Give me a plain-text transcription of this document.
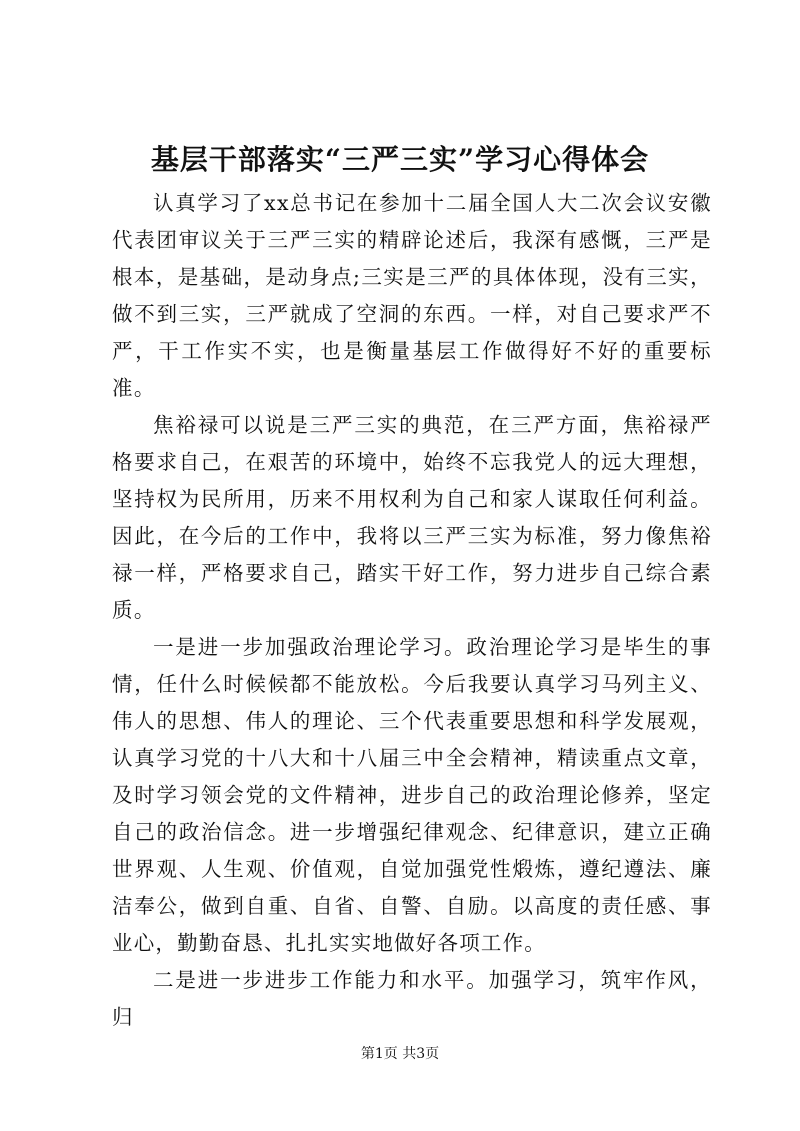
基层干部落实“三严三实”学习心得体会

认真学习了xx总书记在参加十二届全国人大二次会议安徽代表团审议关于三严三实的精辟论述后，我深有感慨，三严是根本，是基础，是动身点;三实是三严的具体体现，没有三实，做不到三实，三严就成了空洞的东西。一样，对自己要求严不严，干工作实不实，也是衡量基层工作做得好不好的重要标准。

焦裕禄可以说是三严三实的典范，在三严方面，焦裕禄严格要求自己，在艰苦的环境中，始终不忘我党人的远大理想，坚持权为民所用，历来不用权利为自己和家人谋取任何利益。因此，在今后的工作中，我将以三严三实为标准，努力像焦裕禄一样，严格要求自己，踏实干好工作，努力进步自己综合素质。

一是进一步加强政治理论学习。政治理论学习是毕生的事情，任什么时候候都不能放松。今后我要认真学习马列主义、伟人的思想、伟人的理论、三个代表重要思想和科学发展观，认真学习党的十八大和十八届三中全会精神，精读重点文章，及时学习领会党的文件精神，进步自己的政治理论修养，坚定自己的政治信念。进一步增强纪律观念、纪律意识，建立正确世界观、人生观、价值观，自觉加强党性煅炼，遵纪遵法、廉洁奉公，做到自重、自省、自警、自励。以高度的责任感、事业心，勤勤奋恳、扎扎实实地做好各项工作。

二是进一步进步工作能力和水平。加强学习，筑牢作风，归

第1页 共3页
